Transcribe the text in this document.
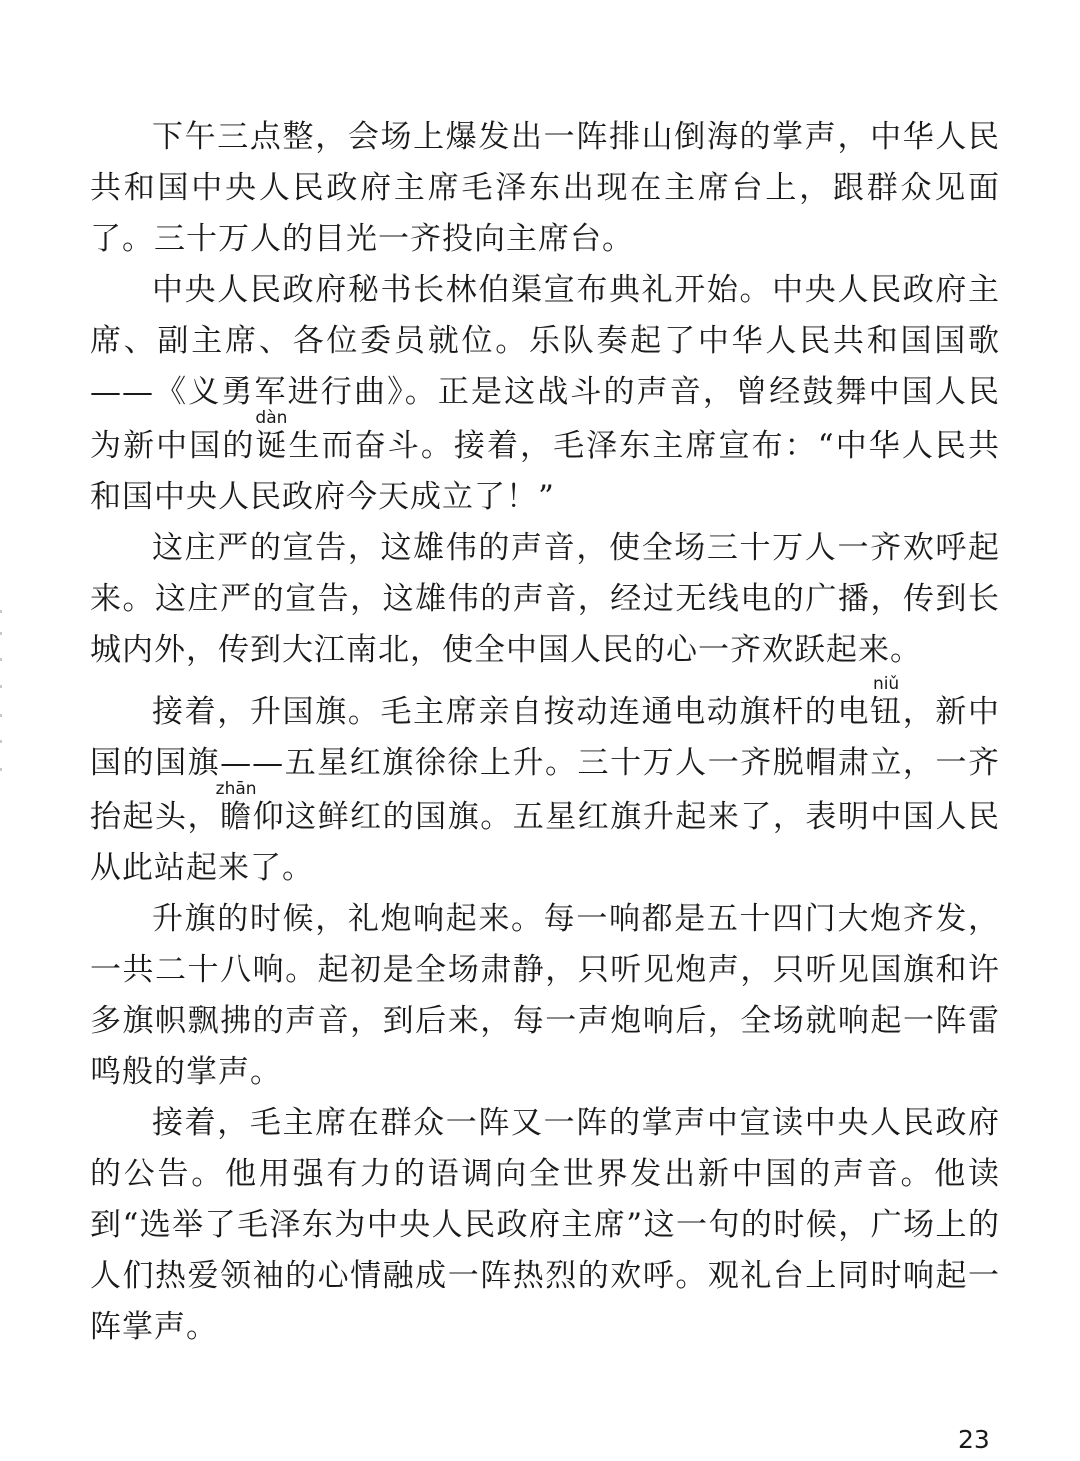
下午三点整，会场上爆发出一阵排山倒海的掌声，中华人民共和国中央人民政府主席毛泽东出现在主席台上，跟群众见面了。三十万人的目光一齐投向主席台。

中央人民政府秘书长林伯渠宣布典礼开始。中央人民政府主席、副主席、各位委员就位。乐队奏起了中华人民共和国国歌——《义勇军进行曲》。正是这战斗的声音，曾经鼓舞中国人民为新中国的诞dàn生而奋斗。接着，毛泽东主席宣布：“中华人民共和国中央人民政府今天成立了！”

这庄严的宣告，这雄伟的声音，使全场三十万人一齐欢呼起来。这庄严的宣告，这雄伟的声音，经过无线电的广播，传到长城内外，传到大江南北，使全中国人民的心一齐欢跃起来。

接着，升国旗。毛主席亲自按动连通电动旗杆的电钮niǔ，新中国的国旗——五星红旗徐徐上升。三十万人一齐脱帽肃立，一齐抬起头，瞻zhān仰这鲜红的国旗。五星红旗升起来了，表明中国人民从此站起来了。

升旗的时候，礼炮响起来。每一响都是五十四门大炮齐发，一共二十八响。起初是全场肃静，只听见炮声，只听见国旗和许多旗帜飘拂的声音，到后来，每一声炮响后，全场就响起一阵雷鸣般的掌声。

接着，毛主席在群众一阵又一阵的掌声中宣读中央人民政府的公告。他用强有力的语调向全世界发出新中国的声音。他读到“选举了毛泽东为中央人民政府主席”这一句的时候，广场上的人们热爱领袖的心情融成一阵热烈的欢呼。观礼台上同时响起一阵掌声。

23
